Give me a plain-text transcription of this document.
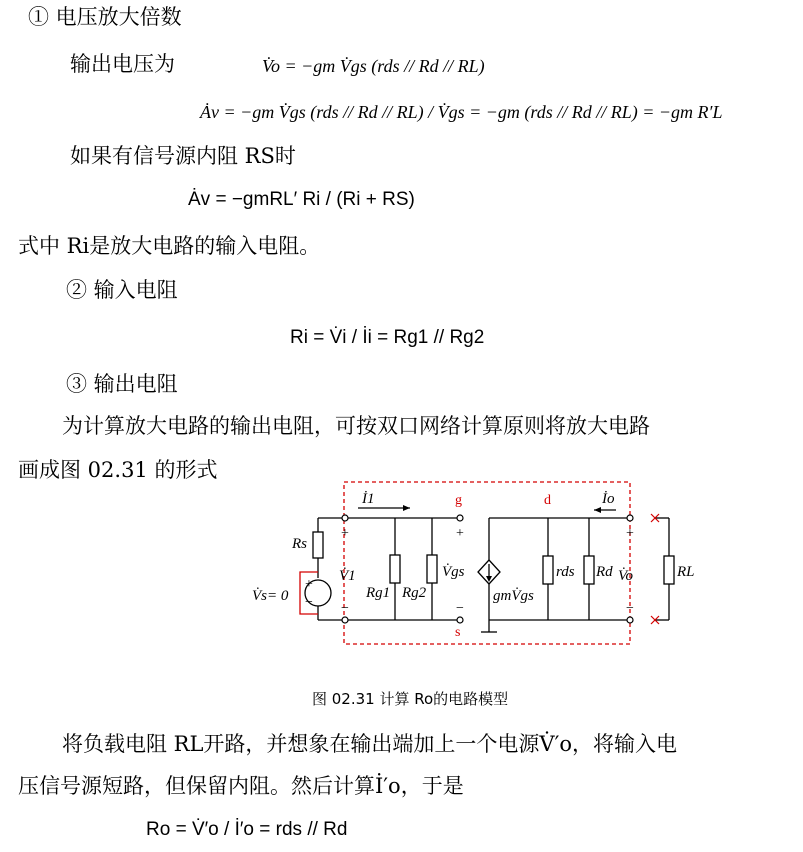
① 电压放大倍数
输出电压为	V̇o = −gm V̇gs (rds // Rd // RL)
Ȧv = −gm V̇gs (rds // Rd // RL) / V̇gs = −gm (rds // Rd // RL) = −gm R′L
如果有信号源内阻 RS时
Ȧv = −gmRL′ Ri / (Ri + RS)
式中 Ri是放大电路的输入电阻。
② 输入电阻
Ri = V̇i / İi = Rg1 // Rg2
③ 输出电阻
为计算放大电路的输出电阻，可按双口网络计算原则将放大电路
画成图 02.31 的形式
İ1	İo
Rs
V̇1
V̇s= 0	Rg1 Rg2
V̇gs
gmV̇gs
rds Rd V̇o	RL
g	d
s
+
−
+
−
+
−
+
−
图 02.31 计算 Ro的电路模型
将负载电阻 RL开路，并想象在输出端加上一个电源V̇′o，将输入电
压信号源短路，但保留内阻。然后计算İ′o，于是
Ro = V̇′o / İ′o = rds // Rd
